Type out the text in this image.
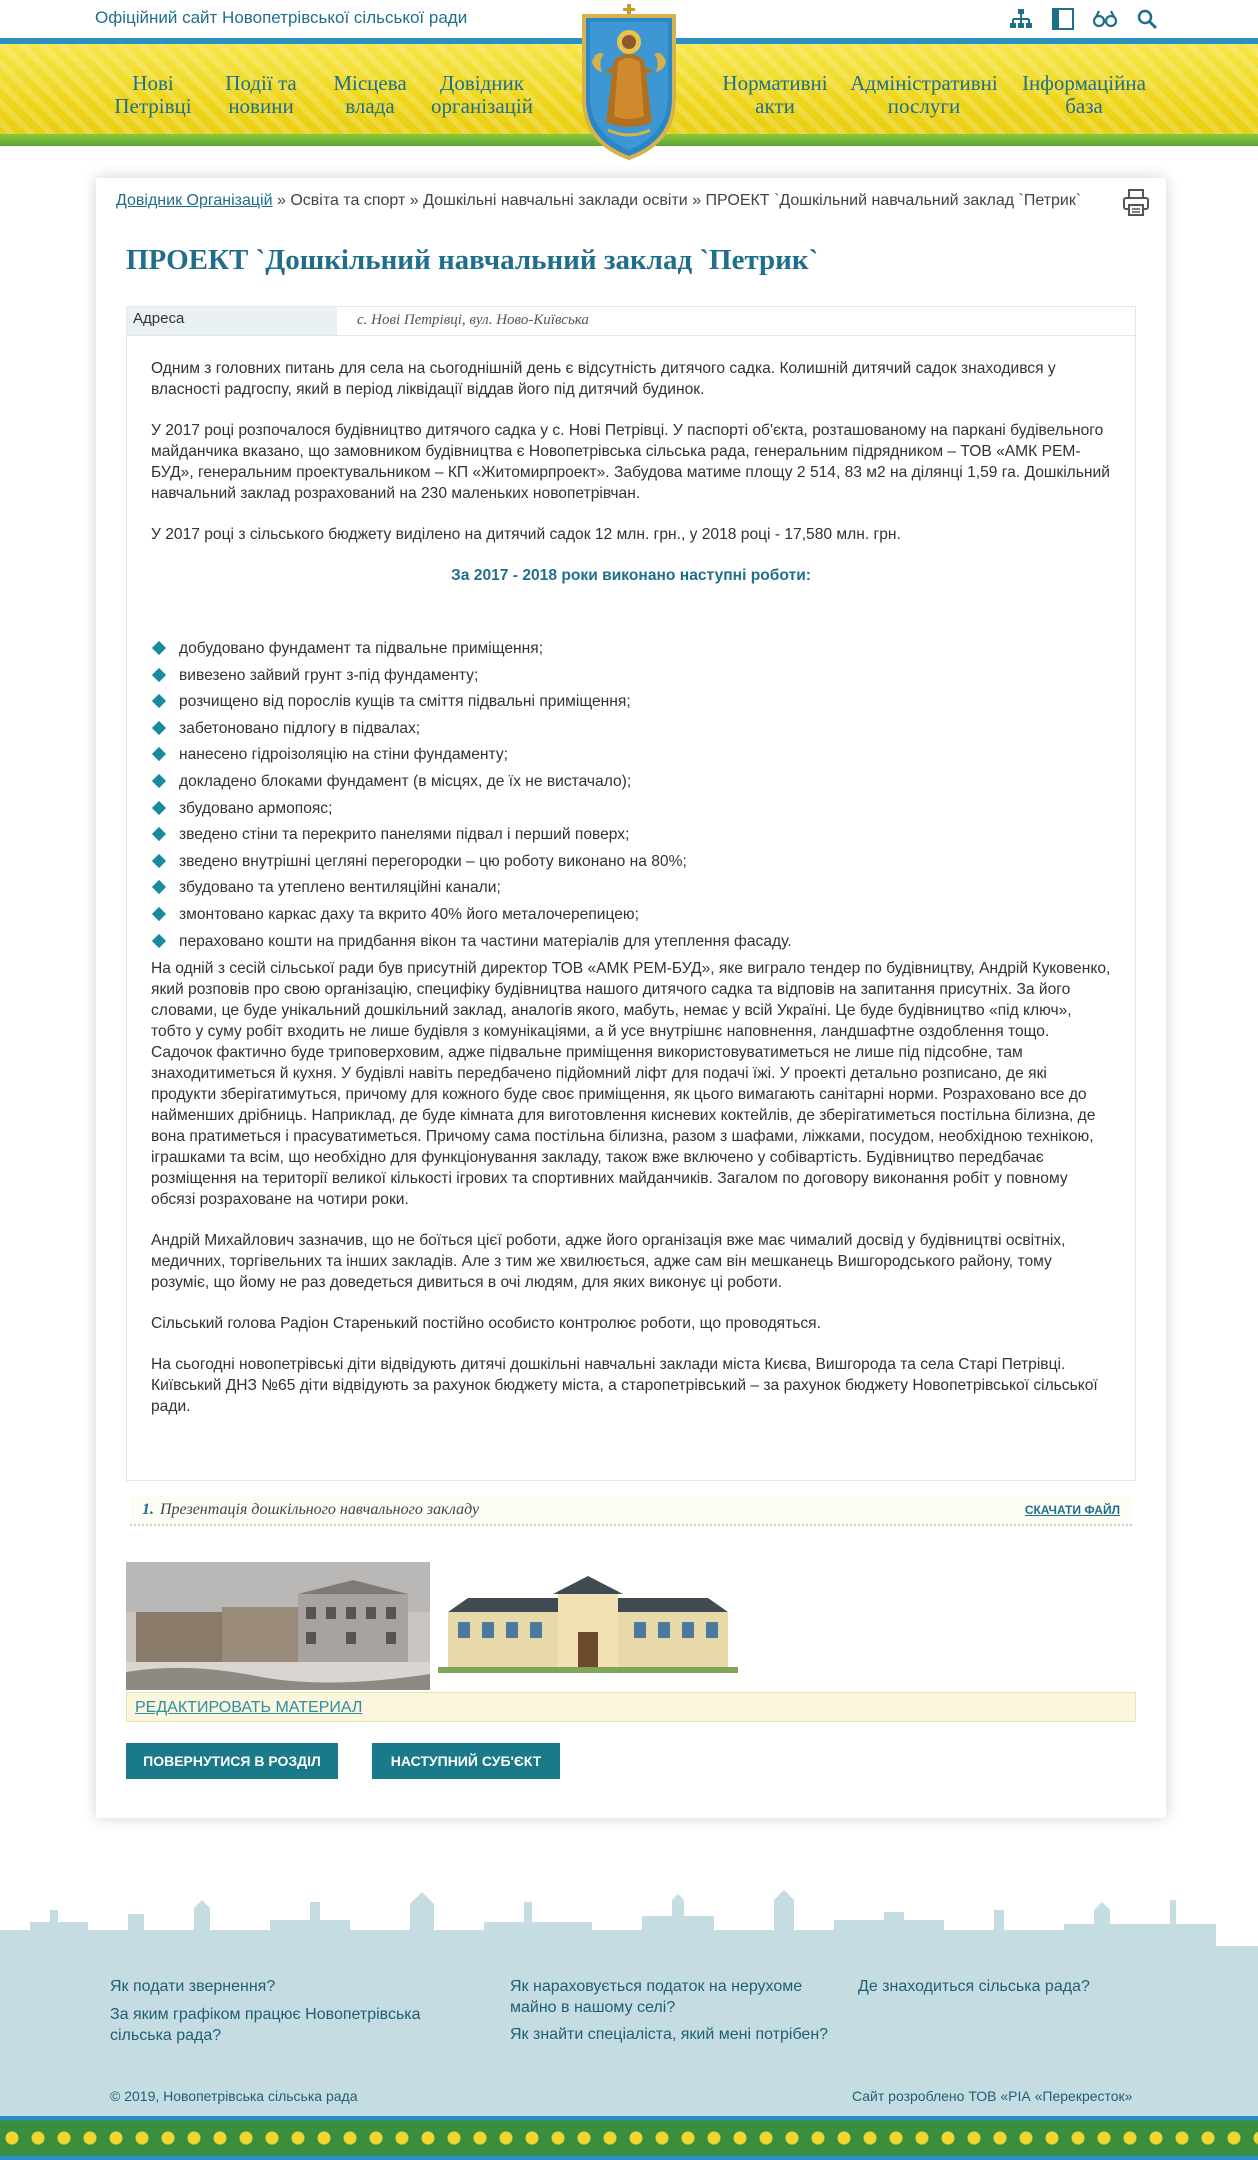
Офіційний сайт Новопетрівської сільської ради
Нові
Петрівці
Події та
новини
Місцева
влада
Довідник
організацій
Нормативні
акти
Адміністративні
послуги
Інформаційна
база
Довідник Організацій » Освіта та спорт » Дошкільні навчальні заклади освіти » ПРОЕКТ `Дошкільний навчальний заклад `Петрик`
ПРОЕКТ `Дошкільний навчальний заклад `Петрик`
Адреса	с. Нові Петрівці, вул. Ново-Київська

Одним з головних питань для села на сьогоднішній день є відсутність дитячого садка. Колишній дитячий садок знаходився у власності радгоспу, який в період ліквідації віддав його під дитячий будинок.

У 2017 році розпочалося будівництво дитячого садка у с. Нові Петрівці. У паспорті об'єкта, розташованому на паркані будівельного майданчика вказано, що замовником будівництва є Новопетрівська сільська рада, генеральним підрядником – ТОВ «АМК РЕМ-БУД», генеральним проектувальником – КП «Житомирпроект». Забудова матиме площу 2 514, 83 м2 на ділянці 1,59 га. Дошкільний навчальний заклад розрахований на 230 маленьких новопетрівчан.

У 2017 році з сільського бюджету виділено на дитячий садок 12 млн. грн., у 2018 році - 17,580 млн. грн.

За 2017 - 2018 роки виконано наступні роботи:

добудовано фундамент та підвальне приміщення;
вивезено зайвий грунт з-під фундаменту;
розчищено від порослів кущів та сміття підвальні приміщення;
забетоновано підлогу в підвалах;
нанесено гідроізоляцію на стіни фундаменту;
докладено блоками фундамент (в місцях, де їх не вистачало);
збудовано армопояс;
зведено стіни та перекрито панелями підвал і перший поверх;
зведено внутрішні цегляні перегородки – цю роботу виконано на 80%;
збудовано та утеплено вентиляційні канали;
змонтовано каркас даху та вкрито 40% його металочерепицею;
пераховано кошти на придбання вікон та частини матеріалів для утеплення фасаду.

На одній з сесій сільської ради був присутній директор ТОВ «АМК РЕМ-БУД», яке виграло тендер по будівництву, Андрій Куковенко, який розповів про свою організацію, специфіку будівництва нашого дитячого садка та відповів на запитання присутніх. За його словами, це буде унікальний дошкільний заклад, аналогів якого, мабуть, немає у всій Україні. Це буде будівництво «під ключ», тобто у суму робіт входить не лише будівля з комунікаціями, а й усе внутрішнє наповнення, ландшафтне оздоблення тощо. Садочок фактично буде триповерховим, адже підвальне приміщення використовуватиметься не лише під підсобне, там знаходитиметься й кухня. У будівлі навіть передбачено підйомний ліфт для подачі їжі. У проекті детально розписано, де які продукти зберігатимуться, причому для кожного буде своє приміщення, як цього вимагають санітарні норми. Розраховано все до найменших дрібниць. Наприклад, де буде кімната для виготовлення кисневих коктейлів, де зберігатиметься постільна білизна, де вона пратиметься і прасуватиметься. Причому сама постільна білизна, разом з шафами, ліжками, посудом, необхідною технікою, іграшками та всім, що необхідно для функціонування закладу, також вже включено у собівартість. Будівництво передбачає розміщення на території великої кількості ігрових та спортивних майданчиків. Загалом по договору виконання робіт у повному обсязі розраховане на чотири роки.

Андрій Михайлович зазначив, що не боїться цієї роботи, адже його організація вже має чималий досвід у будівництві освітніх, медичних, торгівельних та інших закладів. Але з тим же хвилюється, адже сам він мешканець Вишгородського району, тому розуміє, що йому не раз доведеться дивиться в очі людям, для яких виконує ці роботи.

Сільський голова Радіон Старенький постійно особисто контролює роботи, що проводяться.

На сьогодні новопетрівські діти відвідують дитячі дошкільні навчальні заклади міста Києва, Вишгорода та села Старі Петрівці. Київський ДНЗ №65 діти відвідують за рахунок бюджету міста, а старопетрівський – за рахунок бюджету Новопетрівської сільської ради.

1. Презентація дошкільного навчального закладу	СКАЧАТИ ФАЙЛ
РЕДАКТИРОВАТЬ МАТЕРИАЛ
ПОВЕРНУТИСЯ В РОЗДІЛ	НАСТУПНИЙ СУБ'ЄКТ
Як подати звернення?
За яким графіком працює Новопетрівська сільська рада?
Як нараховується податок на нерухоме майно в нашому селі?
Як знайти спеціаліста, який мені потрібен?
Де знаходиться сільська рада?
© 2019, Новопетрівська сільська рада	Сайт розроблено ТОВ «РІА «Перекресток»
